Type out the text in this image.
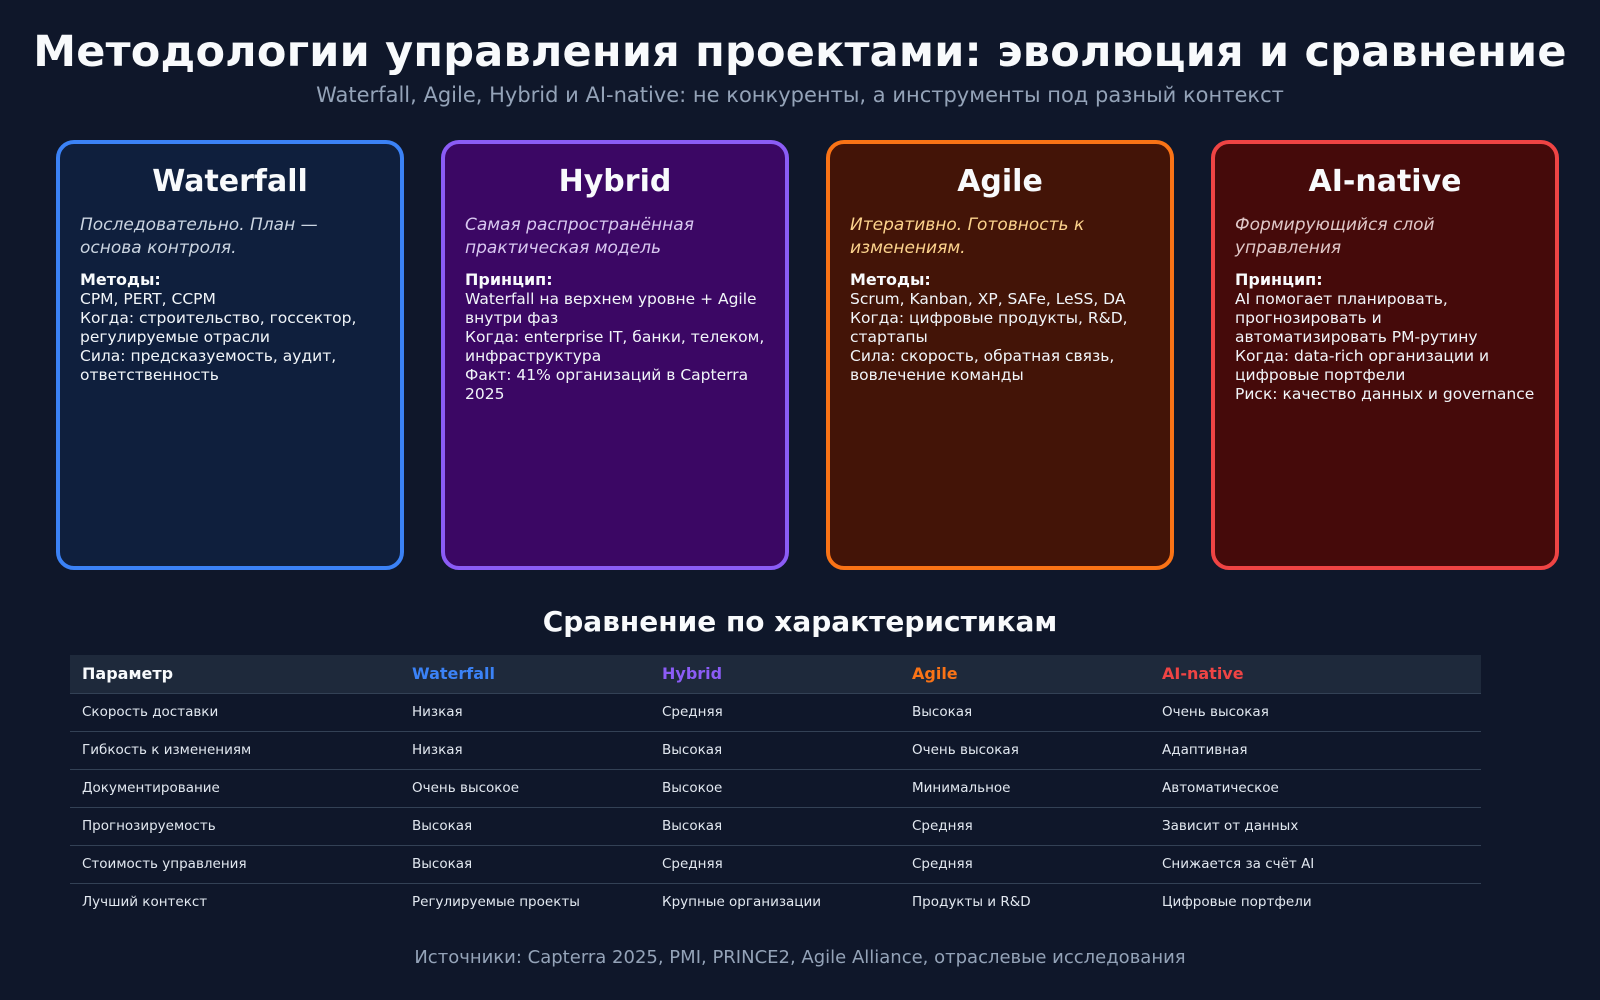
Методологии управления проектами: эволюция и сравнение
Waterfall, Agile, Hybrid и AI-native: не конкуренты, а инструменты под разный контекст
Waterfall
Последовательно. План — основа контроля.
Методы:
CPM, PERT, CCPM
Когда: строительство, госсектор, регулируемые отрасли
Сила: предсказуемость, аудит, ответственность
Hybrid
Самая распространённая практическая модель
Принцип:
Waterfall на верхнем уровне + Agile внутри фаз
Когда: enterprise IT, банки, телеком, инфраструктура
Факт: 41% организаций в Capterra 2025
Agile
Итеративно. Готовность к изменениям.
Методы:
Scrum, Kanban, XP, SAFe, LeSS, DA
Когда: цифровые продукты, R&D, стартапы
Сила: скорость, обратная связь, вовлечение команды
AI-native
Формирующийся слой управления
Принцип:
AI помогает планировать, прогнозировать и автоматизировать PM-рутину
Когда: data-rich организации и цифровые портфели
Риск: качество данных и governance
Сравнение по характеристикам
Параметр	Waterfall	Hybrid	Agile	AI-native
Скорость доставки	Низкая	Средняя	Высокая	Очень высокая
Гибкость к изменениям	Низкая	Высокая	Очень высокая	Адаптивная
Документирование	Очень высокое	Высокое	Минимальное	Автоматическое
Прогнозируемость	Высокая	Высокая	Средняя	Зависит от данных
Стоимость управления	Высокая	Средняя	Средняя	Снижается за счёт AI
Лучший контекст	Регулируемые проекты	Крупные организации	Продукты и R&D	Цифровые портфели
Источники: Capterra 2025, PMI, PRINCE2, Agile Alliance, отраслевые исследования
